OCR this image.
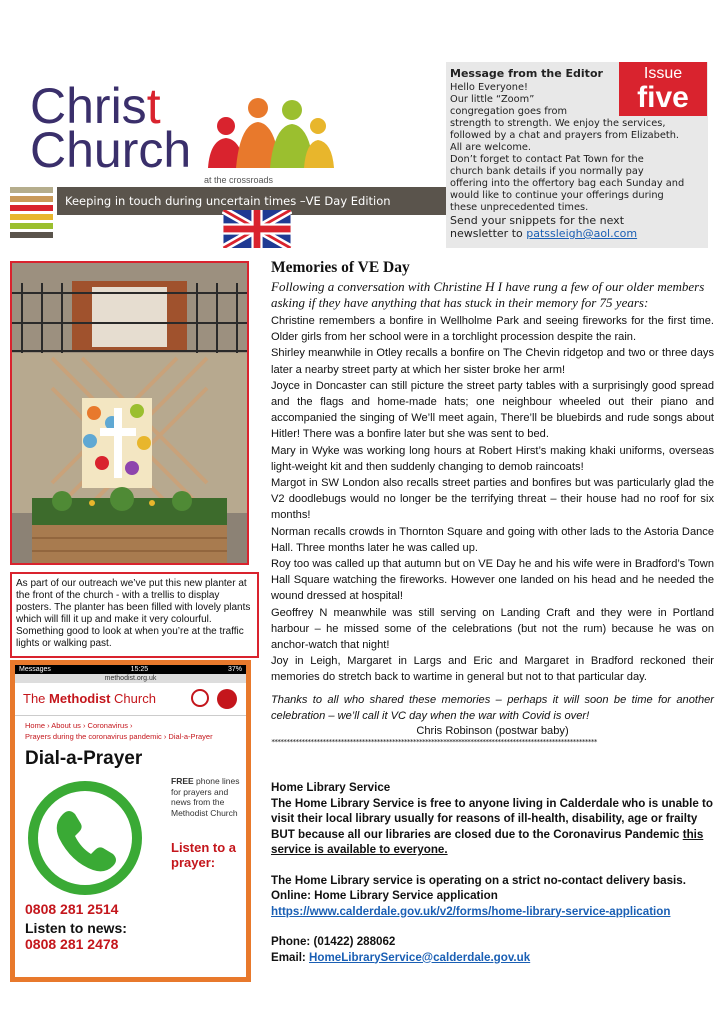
Christ
Church
at the crossroads
Keeping in touch during uncertain times –VE Day Edition
Message from the Editor

Hello Everyone!

Our little “Zoom”

congregation goes from

strength to strength. We enjoy the services,

followed by a chat and prayers from Elizabeth.

All are welcome.

Don’t forget to contact Pat Town for the

church bank details if you normally pay

offering into the offertory bag each Sunday and

would like to continue your offerings during

these unprecedented times.

Send your snippets for the next

newsletter to patssleigh@aol.com

Issue
five
As part of our outreach we’ve put this new planter at the front of the church - with a trellis to display posters. The planter has been filled with lovely plants which will fill it up and make it very colourful. Something good to look at when you’re at the traffic lights or walking past.
Messages	15:25	37%
methodist.org.uk
The Methodist Church
Home › About us › Coronavirus ›
Prayers during the coronavirus pandemic › Dial-a-Prayer
Dial-a-Prayer
FREE phone lines for prayers and news from the Methodist Church
Listen to a prayer:
0808 281 2514
Listen to news:
0808 281 2478
Memories of VE Day

Following a conversation with Christine H I have rung a few of our older members asking if they have anything that has stuck in their memory for 75 years:

Christine remembers a bonfire in Wellholme Park and seeing fireworks for the first time. Older girls from her school were in a torchlight procession despite the rain.

Shirley meanwhile in Otley recalls a bonfire on The Chevin ridgetop and two or three days later a nearby street party at which her sister broke her arm!

Joyce in Doncaster can still picture the street party tables with a surprisingly good spread and the flags and home-made hats; one neighbour wheeled out their piano and accompanied the singing of We’ll meet again, There’ll be bluebirds and rude songs about Hitler! There was a bonfire later but she was sent to bed.

Mary in Wyke was working long hours at Robert Hirst’s making khaki uniforms, overseas light-weight kit and then suddenly changing to demob raincoats!

Margot in SW London also recalls street parties and bonfires but was particularly glad the V2 doodlebugs would no longer be the terrifying threat – their house had no roof for six months!

Norman recalls crowds in Thornton Square and going with other lads to the Astoria Dance Hall. Three months later he was called up.

Roy too was called up that autumn but on VE Day he and his wife were in Bradford’s Town Hall Square watching the fireworks. However one landed on his head and he needed the wound dressed at hospital!

Geoffrey N meanwhile was still serving on Landing Craft and they were in Portland harbour – he missed some of the celebrations (but not the rum) because he was on anchor-watch that night!

Joy in Leigh, Margaret in Largs and Eric and Margaret in Bradford reckoned their memories do stretch back to wartime in general but not to that particular day.

Thanks to all who shared these memories – perhaps it will soon be time for another celebration – we’ll call it VC day when the war with Covid is over!

Chris Robinson (postwar baby)

************************************************************************************************************

Home Library Service

The Home Library Service is free to anyone living in Calderdale who is unable to visit their local library usually for reasons of ill-health, disability, age or frailty BUT because all our libraries are closed due to the Coronavirus Pandemic this service is available to everyone.

The Home Library service is operating on a strict no-contact delivery basis.

Online: Home Library Service application

https://www.calderdale.gov.uk/v2/forms/home-library-service-application

Phone: (01422) 288062

Email: HomeLibraryService@calderdale.gov.uk
